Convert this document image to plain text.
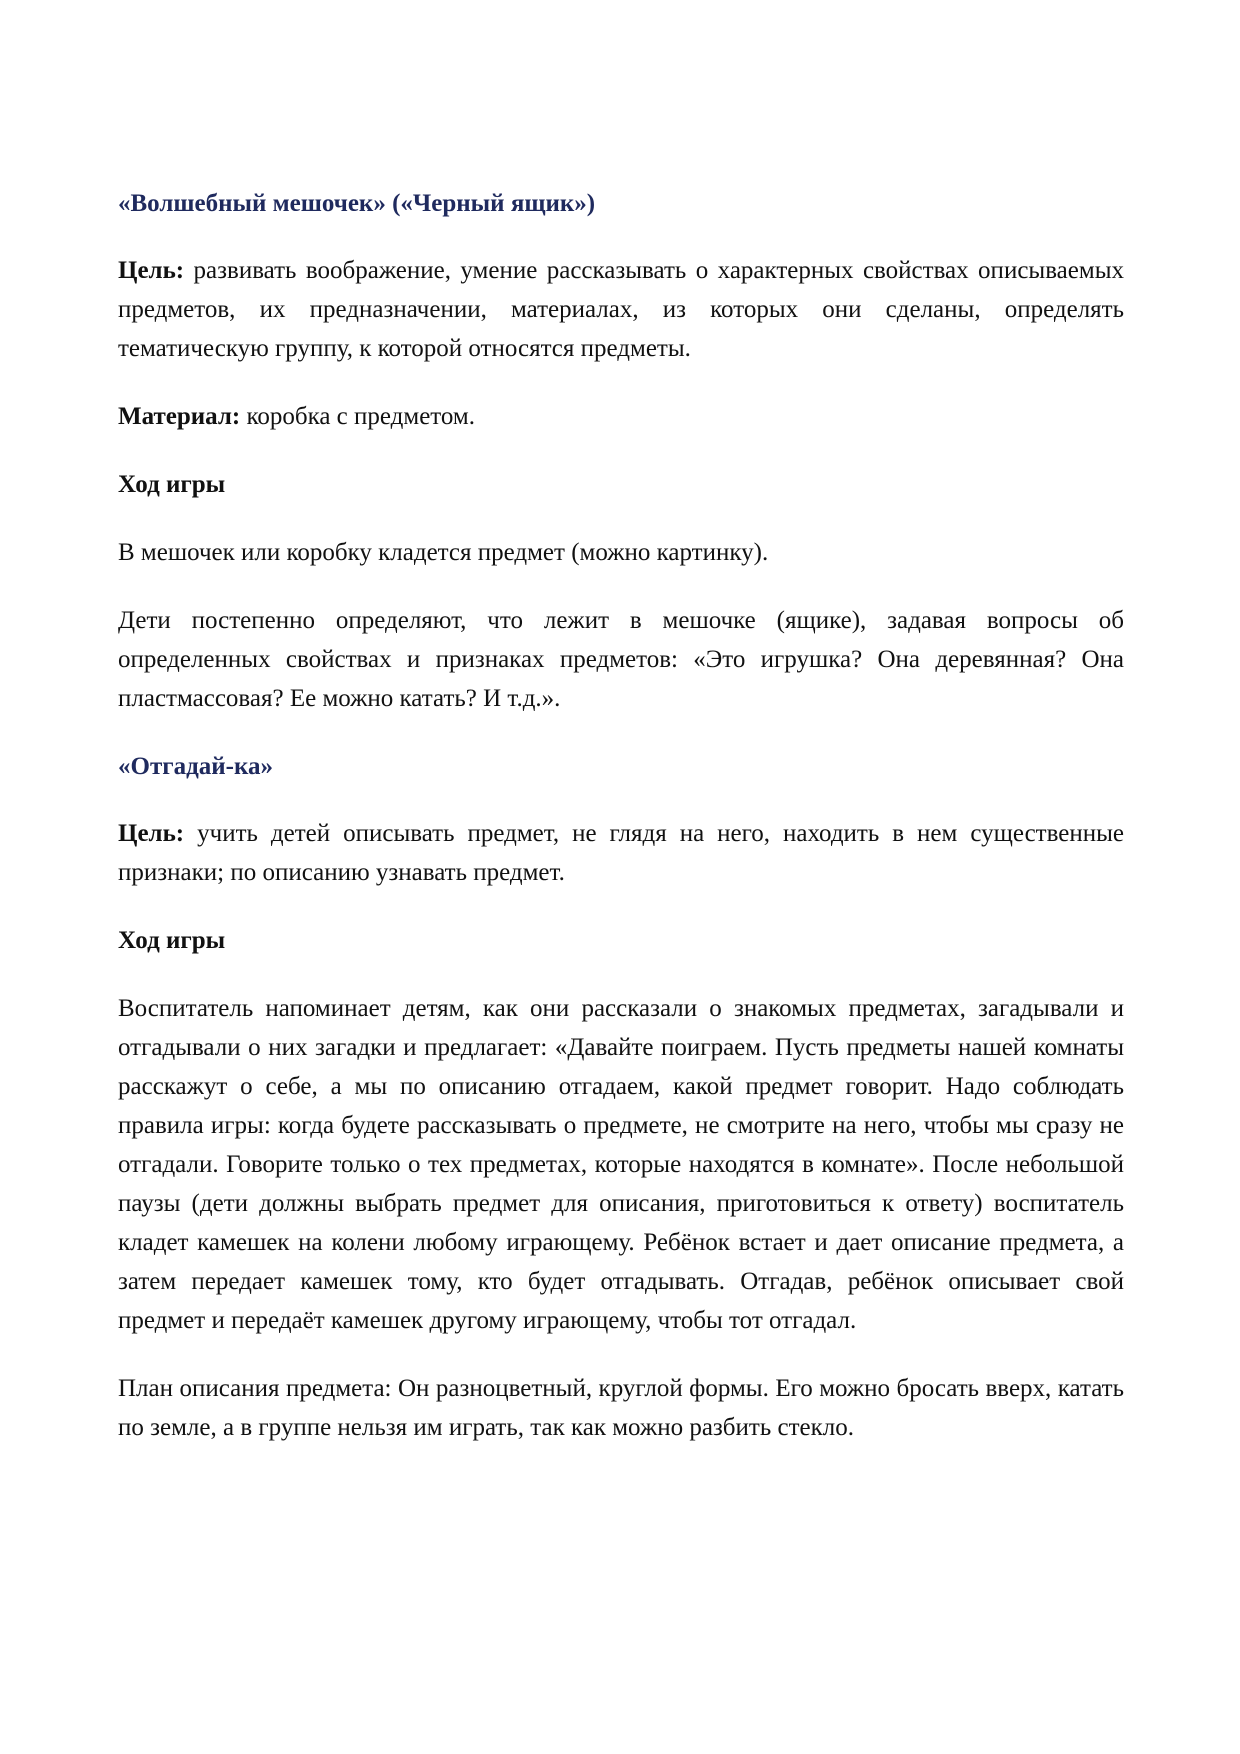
«Волшебный мешочек» («Черный ящик»)
Цель: развивать воображение, умение рассказывать о характерных свойствах описываемых предметов, их предназначении, материалах, из которых они сделаны, определять тематическую группу, к которой относятся предметы.
Материал: коробка с предметом.
Ход игры
В мешочек или коробку кладется предмет (можно картинку).
Дети постепенно определяют, что лежит в мешочке (ящике), задавая вопросы об определенных свойствах и признаках предметов: «Это игрушка? Она деревянная? Она пластмассовая? Ее можно катать? И т.д.».
«Отгадай-ка»
Цель: учить детей описывать предмет, не глядя на него, находить в нем существенные признаки; по описанию узнавать предмет.
Ход игры
Воспитатель напоминает детям, как они рассказали о знакомых предметах, загадывали и отгадывали о них загадки и предлагает: «Давайте поиграем. Пусть предметы нашей комнаты расскажут о себе, а мы по описанию отгадаем, какой предмет говорит. Надо соблюдать правила игры: когда будете рассказывать о предмете, не смотрите на него, чтобы мы сразу не отгадали. Говорите только о тех предметах, которые находятся в комнате». После небольшой паузы (дети должны выбрать предмет для описания, приготовиться к ответу) воспитатель кладет камешек на колени любому играющему. Ребёнок встает и дает описание предмета, а затем передает камешек тому, кто будет отгадывать. Отгадав, ребёнок описывает свой предмет и передаёт камешек другому играющему, чтобы тот отгадал.
План описания предмета: Он разноцветный, круглой формы. Его можно бросать вверх, катать по земле, а в группе нельзя им играть, так как можно разбить стекло.
